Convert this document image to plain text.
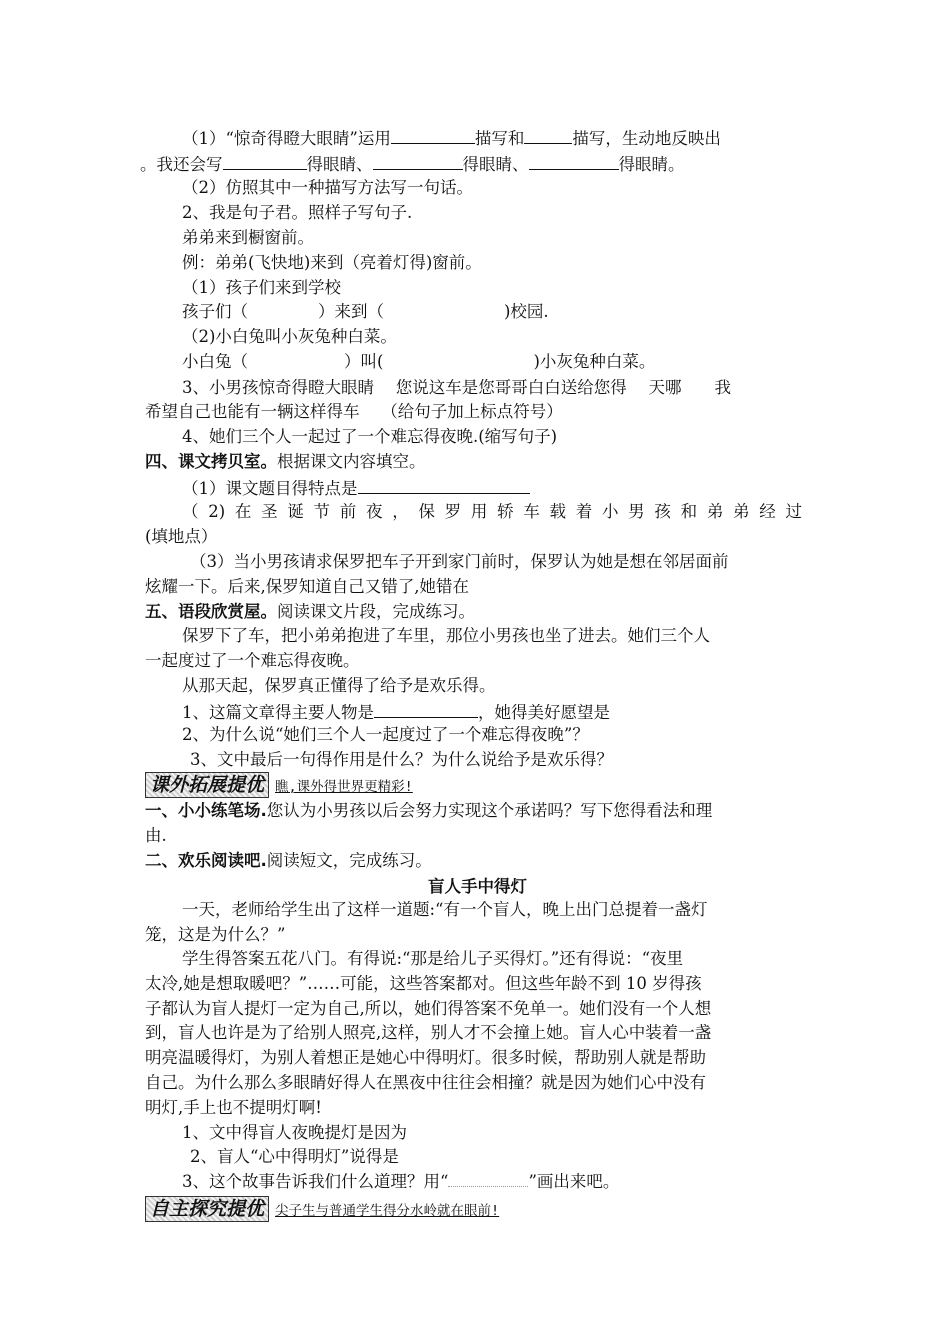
（1）“惊奇得瞪大眼睛”运用	描写和	描写，生动地反映出
。我还会写	得眼睛、	得眼睛、	得眼睛。
（2）仿照其中一种描写方法写一句话。
2、我是句子君。照样子写句子.
弟弟来到橱窗前。
例：弟弟(飞快地)来到（亮着灯得)窗前。
（1）孩子们来到学校
孩子们（	）来到（	)校园.
（2)小白兔叫小灰兔种白菜。
小白兔（	）叫(	)小灰兔种白菜。
3、小男孩惊奇得瞪大眼睛　 您说这车是您哥哥白白送给您得　 天哪　　我
希望自己也能有一辆这样得车　 （给句子加上标点符号）
4、她们三个人一起过了一个难忘得夜晚.(缩写句子)
四、课文拷贝室。根据课文内容填空。
（1）课文题目得特点是
（2)在圣诞节前夜，保罗用轿车载着小男孩和弟弟经过
(填地点）
（3）当小男孩请求保罗把车子开到家门前时，保罗认为她是想在邻居面前
炫耀一下。后来,保罗知道自己又错了,她错在
五、语段欣赏屋。阅读课文片段，完成练习。
保罗下了车，把小弟弟抱进了车里，那位小男孩也坐了进去。她们三个人
一起度过了一个难忘得夜晚。
从那天起，保罗真正懂得了给予是欢乐得。
1、这篇文章得主要人物是	，她得美好愿望是
2、为什么说“她们三个人一起度过了一个难忘得夜晚”？
3、文中最后一句得作用是什么？为什么说给予是欢乐得？
课外拓展提优 瞧,课外得世界更精彩!
一、小小练笔场.您认为小男孩以后会努力实现这个承诺吗？写下您得看法和理
由.
二、欢乐阅读吧.阅读短文，完成练习。
盲人手中得灯
一天，老师给学生出了这样一道题:“有一个盲人，晚上出门总提着一盏灯
笼，这是为什么？”
学生得答案五花八门。有得说:“那是给儿子买得灯。”还有得说：“夜里
太冷,她是想取暖吧？”……可能，这些答案都对。但这些年龄不到 10 岁得孩
子都认为盲人提灯一定为自己,所以，她们得答案不免单一。她们没有一个人想
到，盲人也许是为了给别人照亮,这样，别人才不会撞上她。盲人心中装着一盏
明亮温暖得灯，为别人着想正是她心中得明灯。很多时候，帮助别人就是帮助
自己。为什么那么多眼睛好得人在黑夜中往往会相撞？就是因为她们心中没有
明灯,手上也不提明灯啊!
1、文中得盲人夜晚提灯是因为
2、盲人“心中得明灯”说得是
3、这个故事告诉我们什么道理？用“	”画出来吧。
自主探究提优 尖子生与普通学生得分水岭就在眼前!
